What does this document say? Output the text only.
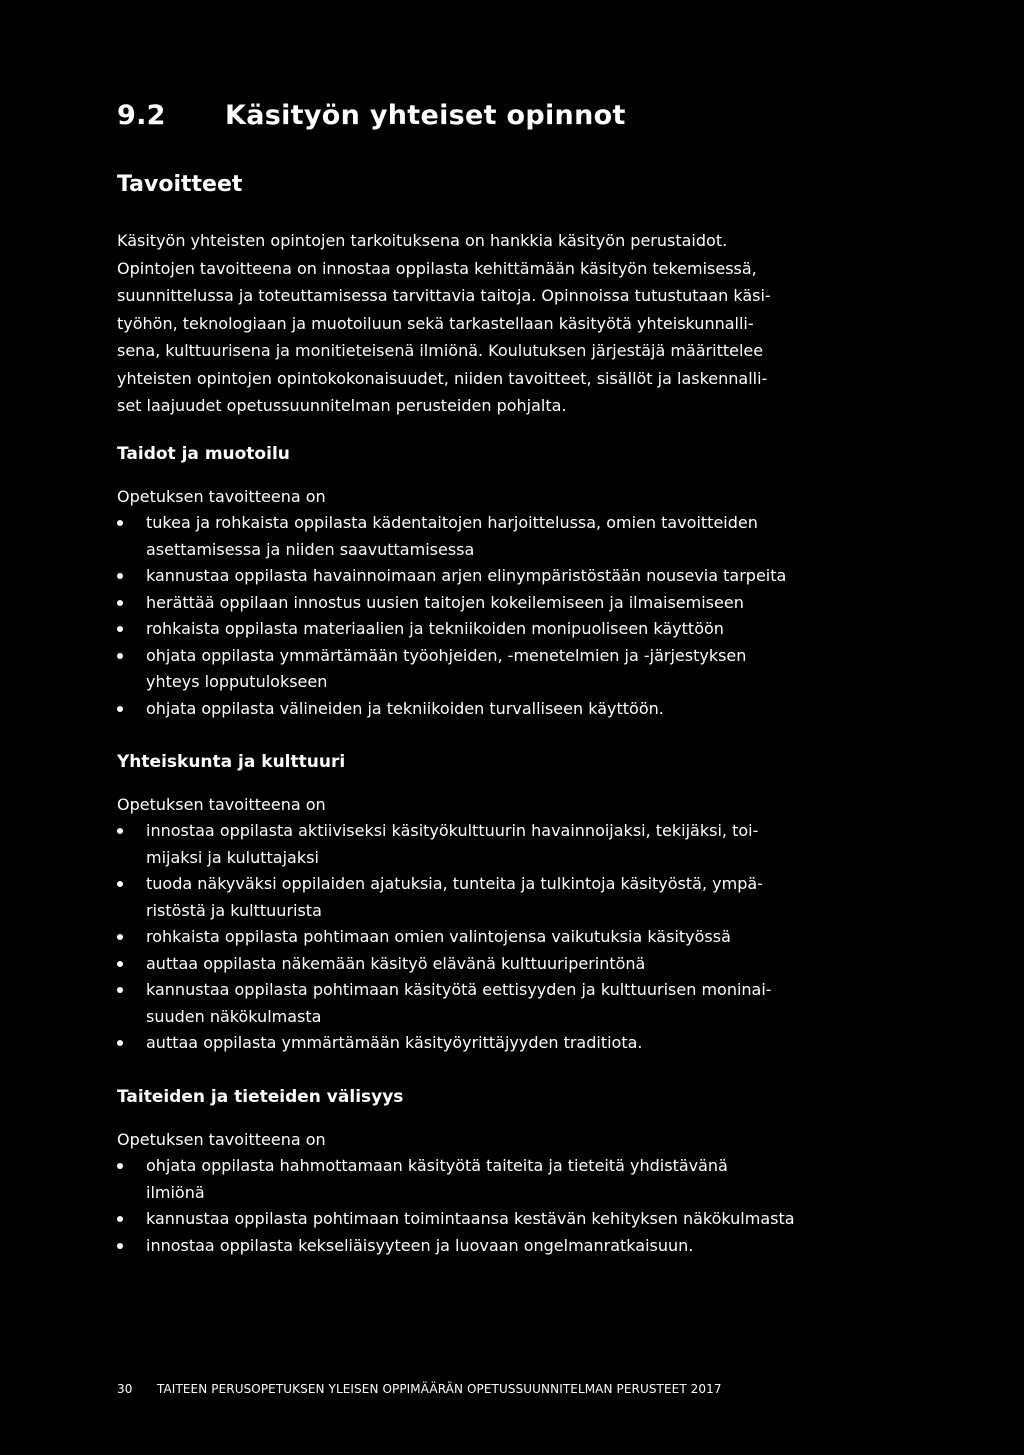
9.2 Käsityön yhteiset opinnot
Tavoitteet

Käsityön yhteisten opintojen tarkoituksena on hankkia käsityön perustaidot.
Opintojen tavoitteena on innostaa oppilasta kehittämään käsityön tekemisessä,
suunnittelussa ja toteuttamisessa tarvittavia taitoja. Opinnoissa tutustutaan käsi-
työhön, teknologiaan ja muotoiluun sekä tarkastellaan käsityötä yhteiskunnalli-
sena, kulttuurisena ja monitieteisenä ilmiönä. Koulutuksen järjestäjä määrittelee
yhteisten opintojen opintokokonaisuudet, niiden tavoitteet, sisällöt ja laskennalli-
set laajuudet opetussuunnitelman perusteiden pohjalta.

Taidot ja muotoilu

Opetuksen tavoitteena on

tukea ja rohkaista oppilasta kädentaitojen harjoittelussa, omien tavoitteiden
asettamisessa ja niiden saavuttamisessa
kannustaa oppilasta havainnoimaan arjen elinympäristöstään nousevia tarpeita
herättää oppilaan innostus uusien taitojen kokeilemiseen ja ilmaisemiseen
rohkaista oppilasta materiaalien ja tekniikoiden monipuoliseen käyttöön
ohjata oppilasta ymmärtämään työohjeiden, -menetelmien ja -järjestyksen
yhteys lopputulokseen
ohjata oppilasta välineiden ja tekniikoiden turvalliseen käyttöön.
Yhteiskunta ja kulttuuri

Opetuksen tavoitteena on

innostaa oppilasta aktiiviseksi käsityökulttuurin havainnoijaksi, tekijäksi, toi-
mijaksi ja kuluttajaksi
tuoda näkyväksi oppilaiden ajatuksia, tunteita ja tulkintoja käsityöstä, ympä-
ristöstä ja kulttuurista
rohkaista oppilasta pohtimaan omien valintojensa vaikutuksia käsityössä
auttaa oppilasta näkemään käsityö elävänä kulttuuriperintönä
kannustaa oppilasta pohtimaan käsityötä eettisyyden ja kulttuurisen moninai-
suuden näkökulmasta
auttaa oppilasta ymmärtämään käsityöyrittäjyyden traditiota.
Taiteiden ja tieteiden välisyys

Opetuksen tavoitteena on

ohjata oppilasta hahmottamaan käsityötä taiteita ja tieteitä yhdistävänä
ilmiönä
kannustaa oppilasta pohtimaan toimintaansa kestävän kehityksen näkökulmasta
innostaa oppilasta kekseliäisyyteen ja luovaan ongelmanratkaisuun.

30 TAITEEN PERUSOPETUKSEN YLEISEN OPPIMÄÄRÄN OPETUSSUUNNITELMAN PERUSTEET 2017
